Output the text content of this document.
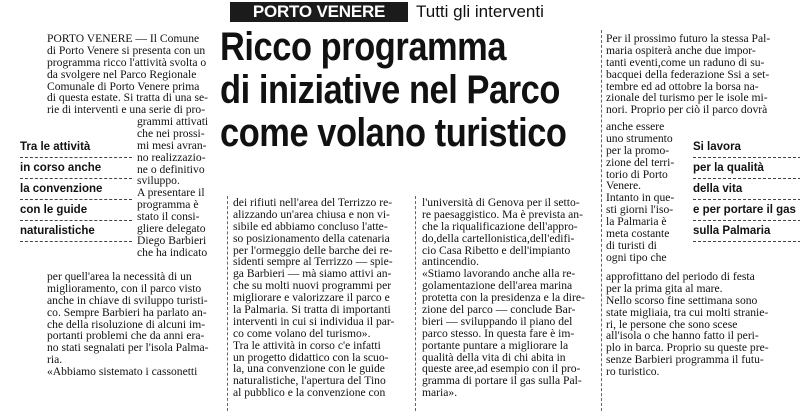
PORTO VENERE	Tutti gli interventi
Ricco programma
di iniziative nel Parco
come volano turistico
PORTO VENERE — Il Comune
di Porto Venere si presenta con un
programma ricco l'attività svolta o
da svolgere nel Parco Regionale
Comunale di Porto Venere prima
di questa estate. Si tratta di una se-
rie di interventi e una serie di pro-
grammi attivati
che nei prossi-
mi mesi avran-
no realizzazio-
ne o definitivo
sviluppo.
A presentare il
programma è
stato il consi-
gliere delegato
Diego Barbieri
che ha indicato
Tra le attività
in corso anche
la convenzione
con le guide
naturalistiche
per quell'area la necessità di un
miglioramento, con il parco visto
anche in chiave di sviluppo turisti-
co. Sempre Barbieri ha parlato an-
che della risoluzione di alcuni im-
portanti problemi che da anni era-
no stati segnalati per l'isola Palma-
ria.
«Abbiamo sistemato i cassonetti
dei rifiuti nell'area del Terrizzo re-
alizzando un'area chiusa e non vi-
sibile ed abbiamo concluso l'atte-
so posizionamento della catenaria
per l'ormeggio delle barche dei re-
sidenti sempre al Terrizzo — spie-
ga Barbieri — mà siamo attivi an-
che su molti nuovi programmi per
migliorare e valorizzare il parco e
la Palmaria. Si tratta di importanti
interventi in cui si individua il par-
co come volano del turismo».
Tra le attività in corso c'e infatti
un progetto didattico con la scuo-
la, una convenzione con le guide
naturalistiche, l'apertura del Tino
al pubblico e la convenzione con
l'università di Genova per il setto-
re paesaggistico. Ma è prevista an-
che la riqualificazione dell'appro-
do,della cartellonistica,dell'edifi-
cio Casa Ribetto e dell'impianto
antincendio.
«Stiamo lavorando anche alla re-
golamentazione dell'area marina
protetta con la presidenza e la dire-
zione del parco — conclude Bar-
bieri — sviluppando il piano del
parco stesso. In questa fare è im-
portante puntare a migliorare la
qualità della vita di chi abita in
queste aree,ad esempio con il pro-
gramma di portare il gas sulla Pal-
maria».
Per il prossimo futuro la stessa Pal-
maria ospiterà anche due impor-
tanti eventi,come un raduno di su-
bacquei della federazione Ssi a set-
tembre ed ad ottobre la borsa na-
zionale del turismo per le isole mi-
nori. Proprio per ciò il parco dovrà
anche essere
uno strumento
per la promo-
zione del terri-
torio di Porto
Venere.
Intanto in que-
sti giorni l'iso-
la Palmaria è
meta costante
di turisti di
ogni tipo che
Si lavora
per la qualità
della vita
e per portare il gas
sulla Palmaria
approfittano del periodo di festa
per la prima gita al mare.
Nello scorso fine settimana sono
state migliaia, tra cui molti stranie-
ri, le persone che sono scese
all'isola o che hanno fatto il peri-
plo in barca. Proprio su queste pre-
senze Barbieri programma il futu-
ro turistico.
